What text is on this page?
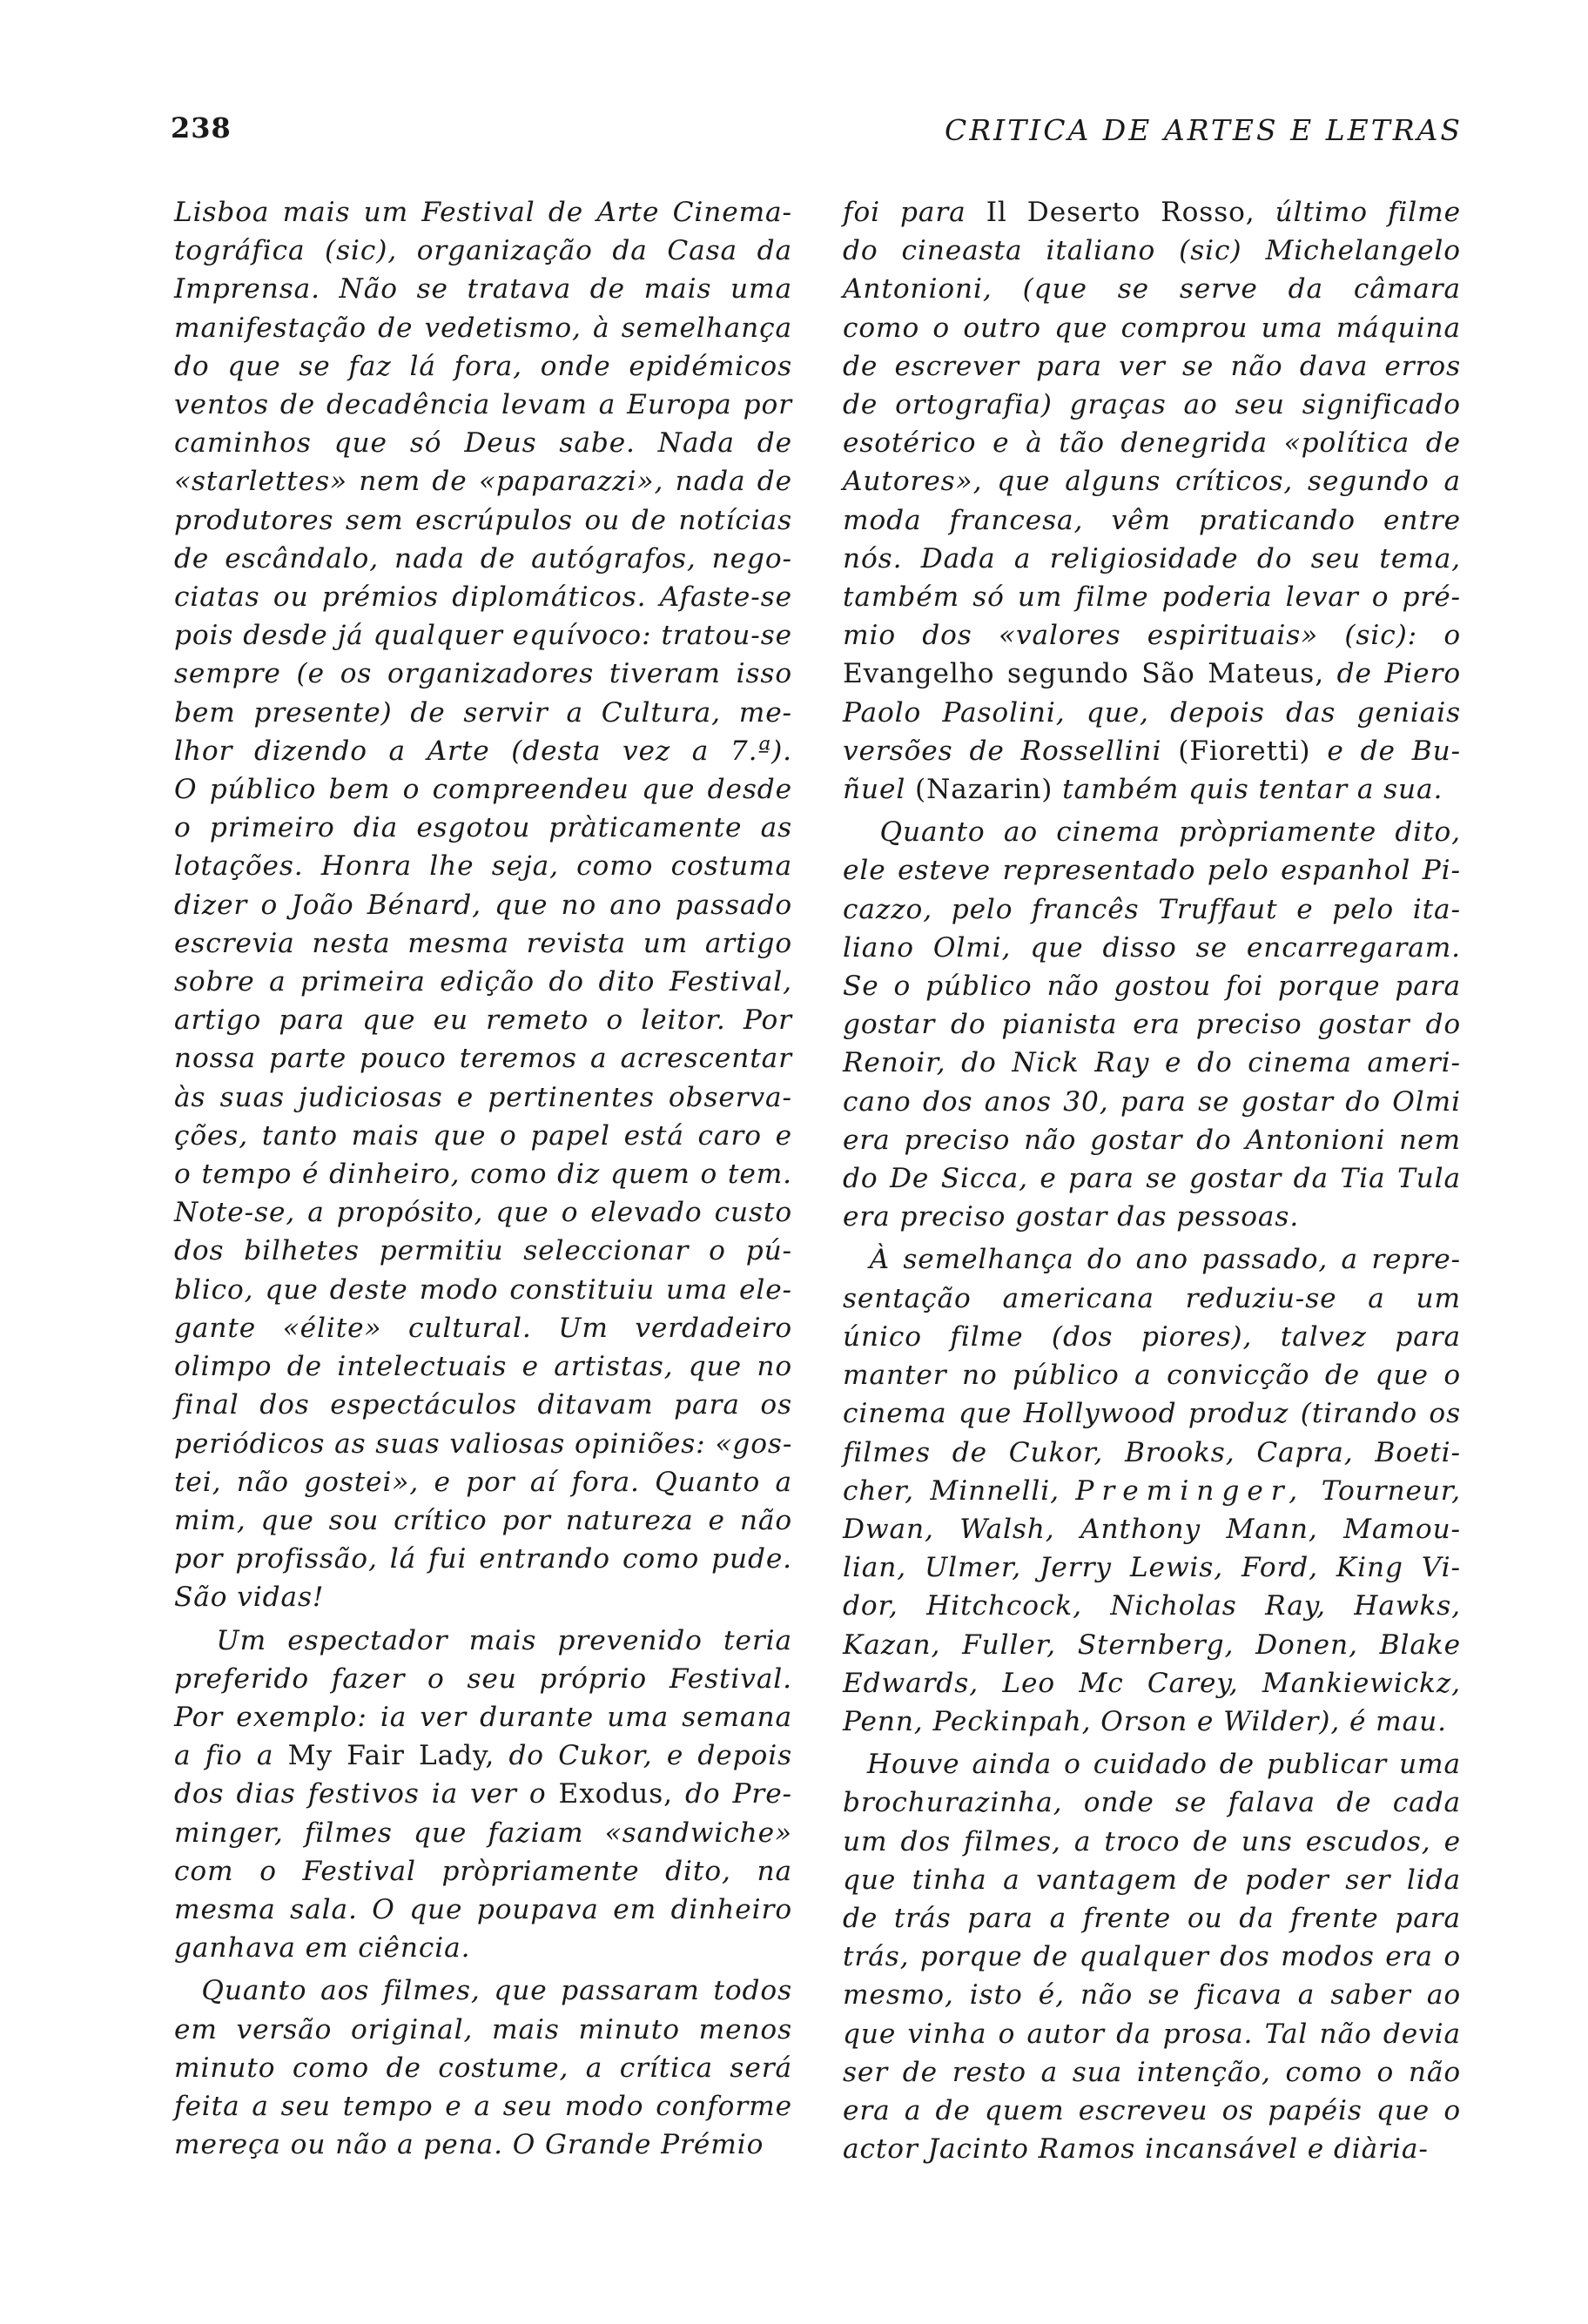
238	CRITICA DE ARTES E LETRAS
Lisboa mais um Festival de Arte Cinema-
tográfica (sic), organização da Casa da
Imprensa. Não se tratava de mais uma
manifestação de vedetismo, à semelhança
do que se faz lá fora, onde epidémicos
ventos de decadência levam a Europa por
caminhos que só Deus sabe. Nada de
«starlettes» nem de «paparazzi», nada de
produtores sem escrúpulos ou de notícias
de escândalo, nada de autógrafos, nego-
ciatas ou prémios diplomáticos. Afaste-se
pois desde já qualquer equívoco: tratou-se
sempre (e os organizadores tiveram isso
bem presente) de servir a Cultura, me-
lhor dizendo a Arte (desta vez a 7.ª).
O público bem o compreendeu que desde
o primeiro dia esgotou pràticamente as
lotações. Honra lhe seja, como costuma
dizer o João Bénard, que no ano passado
escrevia nesta mesma revista um artigo
sobre a primeira edição do dito Festival,
artigo para que eu remeto o leitor. Por
nossa parte pouco teremos a acrescentar
às suas judiciosas e pertinentes observa-
ções, tanto mais que o papel está caro e
o tempo é dinheiro, como diz quem o tem.
Note-se, a propósito, que o elevado custo
dos bilhetes permitiu seleccionar o pú-
blico, que deste modo constituiu uma ele-
gante «élite» cultural. Um verdadeiro
olimpo de intelectuais e artistas, que no
final dos espectáculos ditavam para os
periódicos as suas valiosas opiniões: «gos-
tei, não gostei», e por aí fora. Quanto a
mim, que sou crítico por natureza e não
por profissão, lá fui entrando como pude.
São vidas!
Um espectador mais prevenido teria
preferido fazer o seu próprio Festival.
Por exemplo: ia ver durante uma semana
a fio a My Fair Lady, do Cukor, e depois
dos dias festivos ia ver o Exodus, do Pre-
minger, filmes que faziam «sandwiche»
com o Festival pròpriamente dito, na
mesma sala. O que poupava em dinheiro
ganhava em ciência.
Quanto aos filmes, que passaram todos
em versão original, mais minuto menos
minuto como de costume, a crítica será
feita a seu tempo e a seu modo conforme
mereça ou não a pena. O Grande Prémio
foi para Il Deserto Rosso, último filme
do cineasta italiano (sic) Michelangelo
Antonioni, (que se serve da câmara
como o outro que comprou uma máquina
de escrever para ver se não dava erros
de ortografia) graças ao seu significado
esotérico e à tão denegrida «política de
Autores», que alguns críticos, segundo a
moda francesa, vêm praticando entre
nós. Dada a religiosidade do seu tema,
também só um filme poderia levar o pré-
mio dos «valores espirituais» (sic): o
Evangelho segundo São Mateus, de Piero
Paolo Pasolini, que, depois das geniais
versões de Rossellini (Fioretti) e de Bu-
ñuel (Nazarin) também quis tentar a sua.
Quanto ao cinema pròpriamente dito,
ele esteve representado pelo espanhol Pi-
cazzo, pelo francês Truffaut e pelo ita-
liano Olmi, que disso se encarregaram.
Se o público não gostou foi porque para
gostar do pianista era preciso gostar do
Renoir, do Nick Ray e do cinema ameri-
cano dos anos 30, para se gostar do Olmi
era preciso não gostar do Antonioni nem
do De Sicca, e para se gostar da Tia Tula
era preciso gostar das pessoas.
À semelhança do ano passado, a repre-
sentação americana reduziu-se a um
único filme (dos piores), talvez para
manter no público a convicção de que o
cinema que Hollywood produz (tirando os
filmes de Cukor, Brooks, Capra, Boeti-
cher, Minnelli, Preminger, Tourneur,
Dwan, Walsh, Anthony Mann, Mamou-
lian, Ulmer, Jerry Lewis, Ford, King Vi-
dor, Hitchcock, Nicholas Ray, Hawks,
Kazan, Fuller, Sternberg, Donen, Blake
Edwards, Leo Mc Carey, Mankiewickz,
Penn, Peckinpah, Orson e Wilder), é mau.
Houve ainda o cuidado de publicar uma
brochurazinha, onde se falava de cada
um dos filmes, a troco de uns escudos, e
que tinha a vantagem de poder ser lida
de trás para a frente ou da frente para
trás, porque de qualquer dos modos era o
mesmo, isto é, não se ficava a saber ao
que vinha o autor da prosa. Tal não devia
ser de resto a sua intenção, como o não
era a de quem escreveu os papéis que o
actor Jacinto Ramos incansável e diària-
